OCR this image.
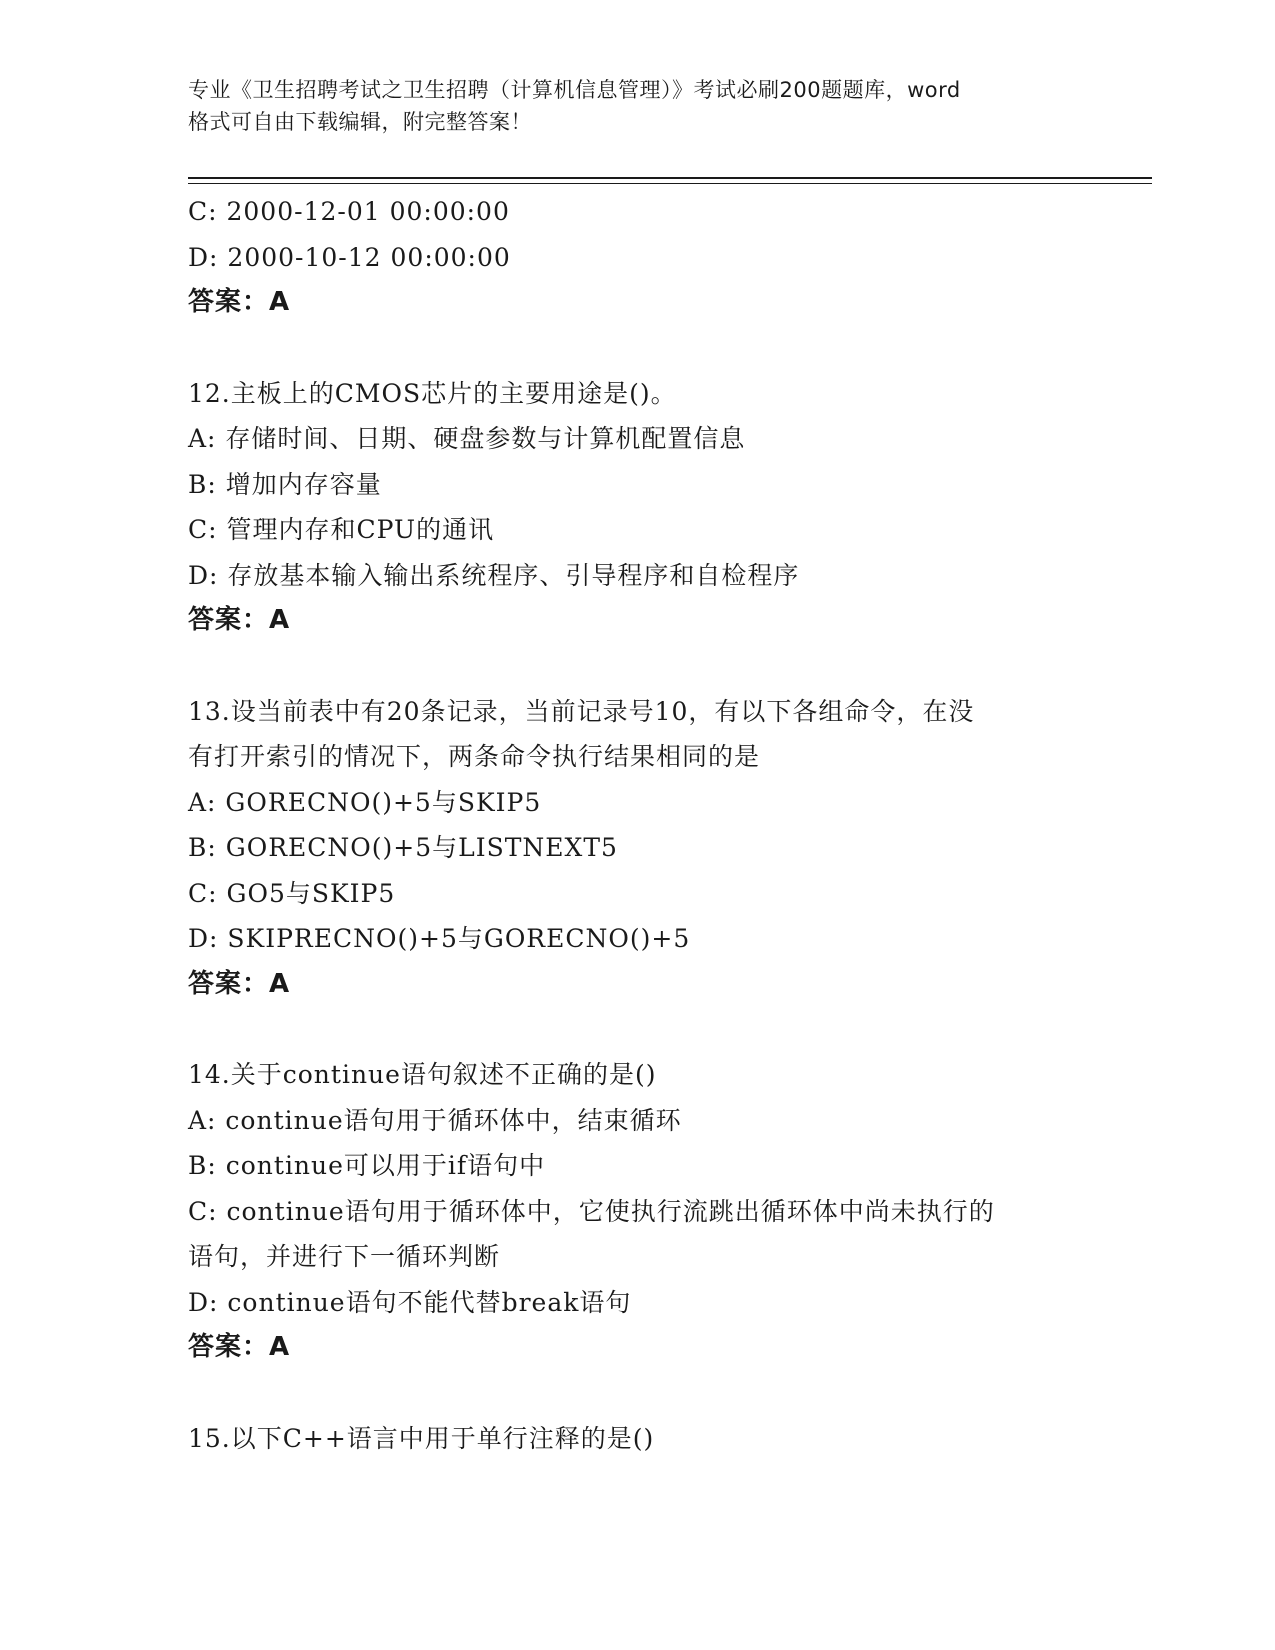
专业《卫生招聘考试之卫生招聘（计算机信息管理）》考试必刷200题题库，word
格式可自由下载编辑，附完整答案！

C: 2000-12-01 00:00:00

D: 2000-10-12 00:00:00

答案：A

12.主板上的CMOS芯片的主要用途是()。

A: 存储时间、日期、硬盘参数与计算机配置信息

B: 增加内存容量

C: 管理内存和CPU的通讯

D: 存放基本输入输出系统程序、引导程序和自检程序

答案：A

13.设当前表中有20条记录，当前记录号10，有以下各组命令，在没

有打开索引的情况下，两条命令执行结果相同的是

A: GORECNO()+5与SKIP5

B: GORECNO()+5与LISTNEXT5

C: GO5与SKIP5

D: SKIPRECNO()+5与GORECNO()+5

答案：A

14.关于continue语句叙述不正确的是()

A: continue语句用于循环体中，结束循环

B: continue可以用于if语句中

C: continue语句用于循环体中，它使执行流跳出循环体中尚未执行的

语句，并进行下一循环判断

D: continue语句不能代替break语句

答案：A

15.以下C++语言中用于单行注释的是()
